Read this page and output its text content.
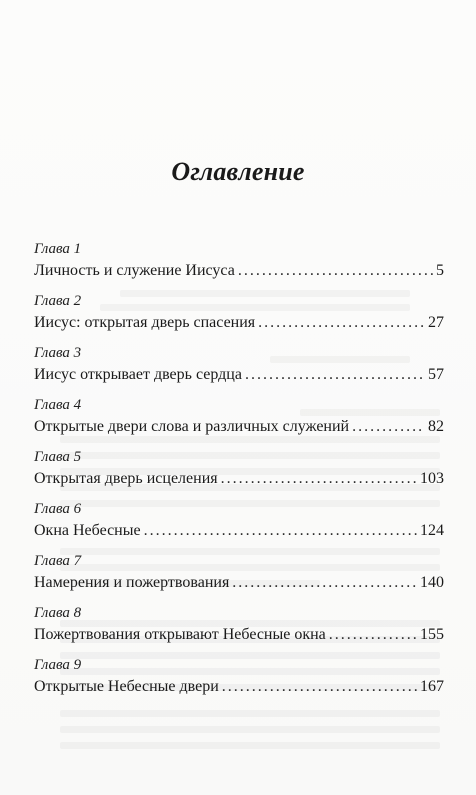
Оглавление
Глава 1
Личность и служение Иисуса .....	5
Глава 2
Иисус: открытая дверь спасения .....	27
Глава 3
Иисус открывает дверь сердца .....	57
Глава 4
Открытые двери слова и различных служений .....	82
Глава 5
Открытая дверь исцеления .....	103
Глава 6
Окна Небесные .....	124
Глава 7
Намерения и пожертвования .....	140
Глава 8
Пожертвования открывают Небесные окна .....	155
Глава 9
Открытые Небесные двери .....	167
